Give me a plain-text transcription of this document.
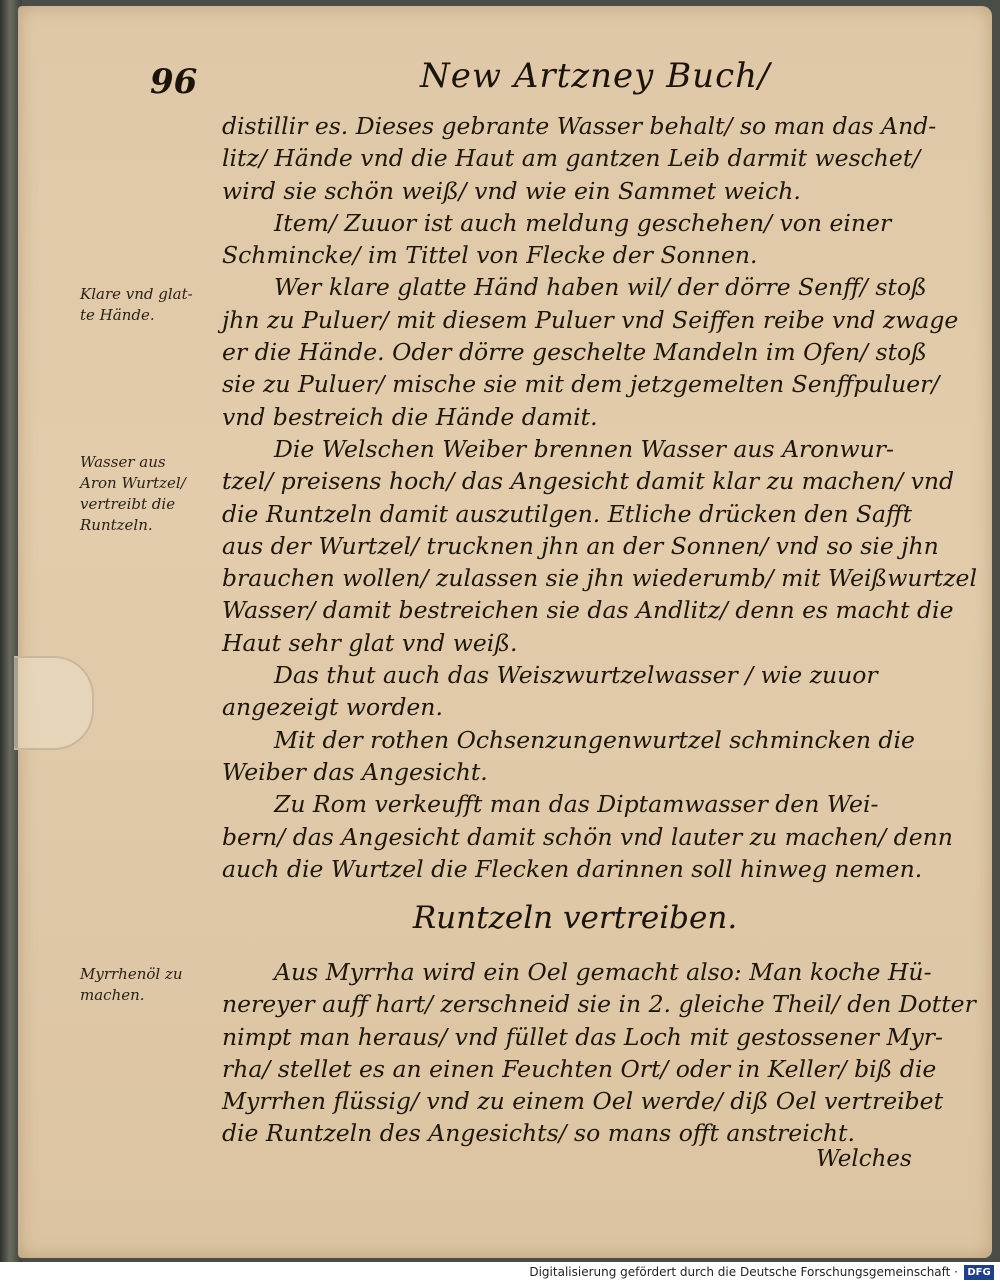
96	New Artzney Buch/
distillir es. Dieses gebrante Wasser behalt/ so man das And-
litz/ Hände vnd die Haut am gantzen Leib darmit weschet/
wird sie schön weiß/ vnd wie ein Sammet weich.
Item/ Zuuor ist auch meldung geschehen/ von einer
Schmincke/ im Tittel von Flecke der Sonnen.
Wer klare glatte Händ haben wil/ der dörre Senff/ stoß
jhn zu Puluer/ mit diesem Puluer vnd Seiffen reibe vnd zwage
er die Hände. Oder dörre geschelte Mandeln im Ofen/ stoß
sie zu Puluer/ mische sie mit dem jetzgemelten Senffpuluer/
vnd bestreich die Hände damit.
Die Welschen Weiber brennen Wasser aus Aronwur-
tzel/ preisens hoch/ das Angesicht damit klar zu machen/ vnd
die Runtzeln damit auszutilgen. Etliche drücken den Safft
aus der Wurtzel/ trucknen jhn an der Sonnen/ vnd so sie jhn
brauchen wollen/ zulassen sie jhn wiederumb/ mit Weißwurtzel
Wasser/ damit bestreichen sie das Andlitz/ denn es macht die
Haut sehr glat vnd weiß.
Das thut auch das Weiszwurtzelwasser / wie zuuor
angezeigt worden.
Mit der rothen Ochsenzungenwurtzel schmincken die
Weiber das Angesicht.
Zu Rom verkeufft man das Diptamwasser den Wei-
bern/ das Angesicht damit schön vnd lauter zu machen/ denn
auch die Wurtzel die Flecken darinnen soll hinweg nemen.
Runtzeln vertreiben.
Aus Myrrha wird ein Oel gemacht also: Man koche Hü-
nereyer auff hart/ zerschneid sie in 2. gleiche Theil/ den Dotter
nimpt man heraus/ vnd füllet das Loch mit gestossener Myr-
rha/ stellet es an einen Feuchten Ort/ oder in Keller/ biß die
Myrrhen flüssig/ vnd zu einem Oel werde/ diß Oel vertreibet
die Runtzeln des Angesichts/ so mans offt anstreicht.
Welches
Klare vnd glat-
te Hände.
Wasser aus
Aron Wurtzel/
vertreibt die
Runtzeln.
Myrrhenöl zu
machen.
Digitalisierung gefördert durch die Deutsche Forschungsgemeinschaft · DFG
